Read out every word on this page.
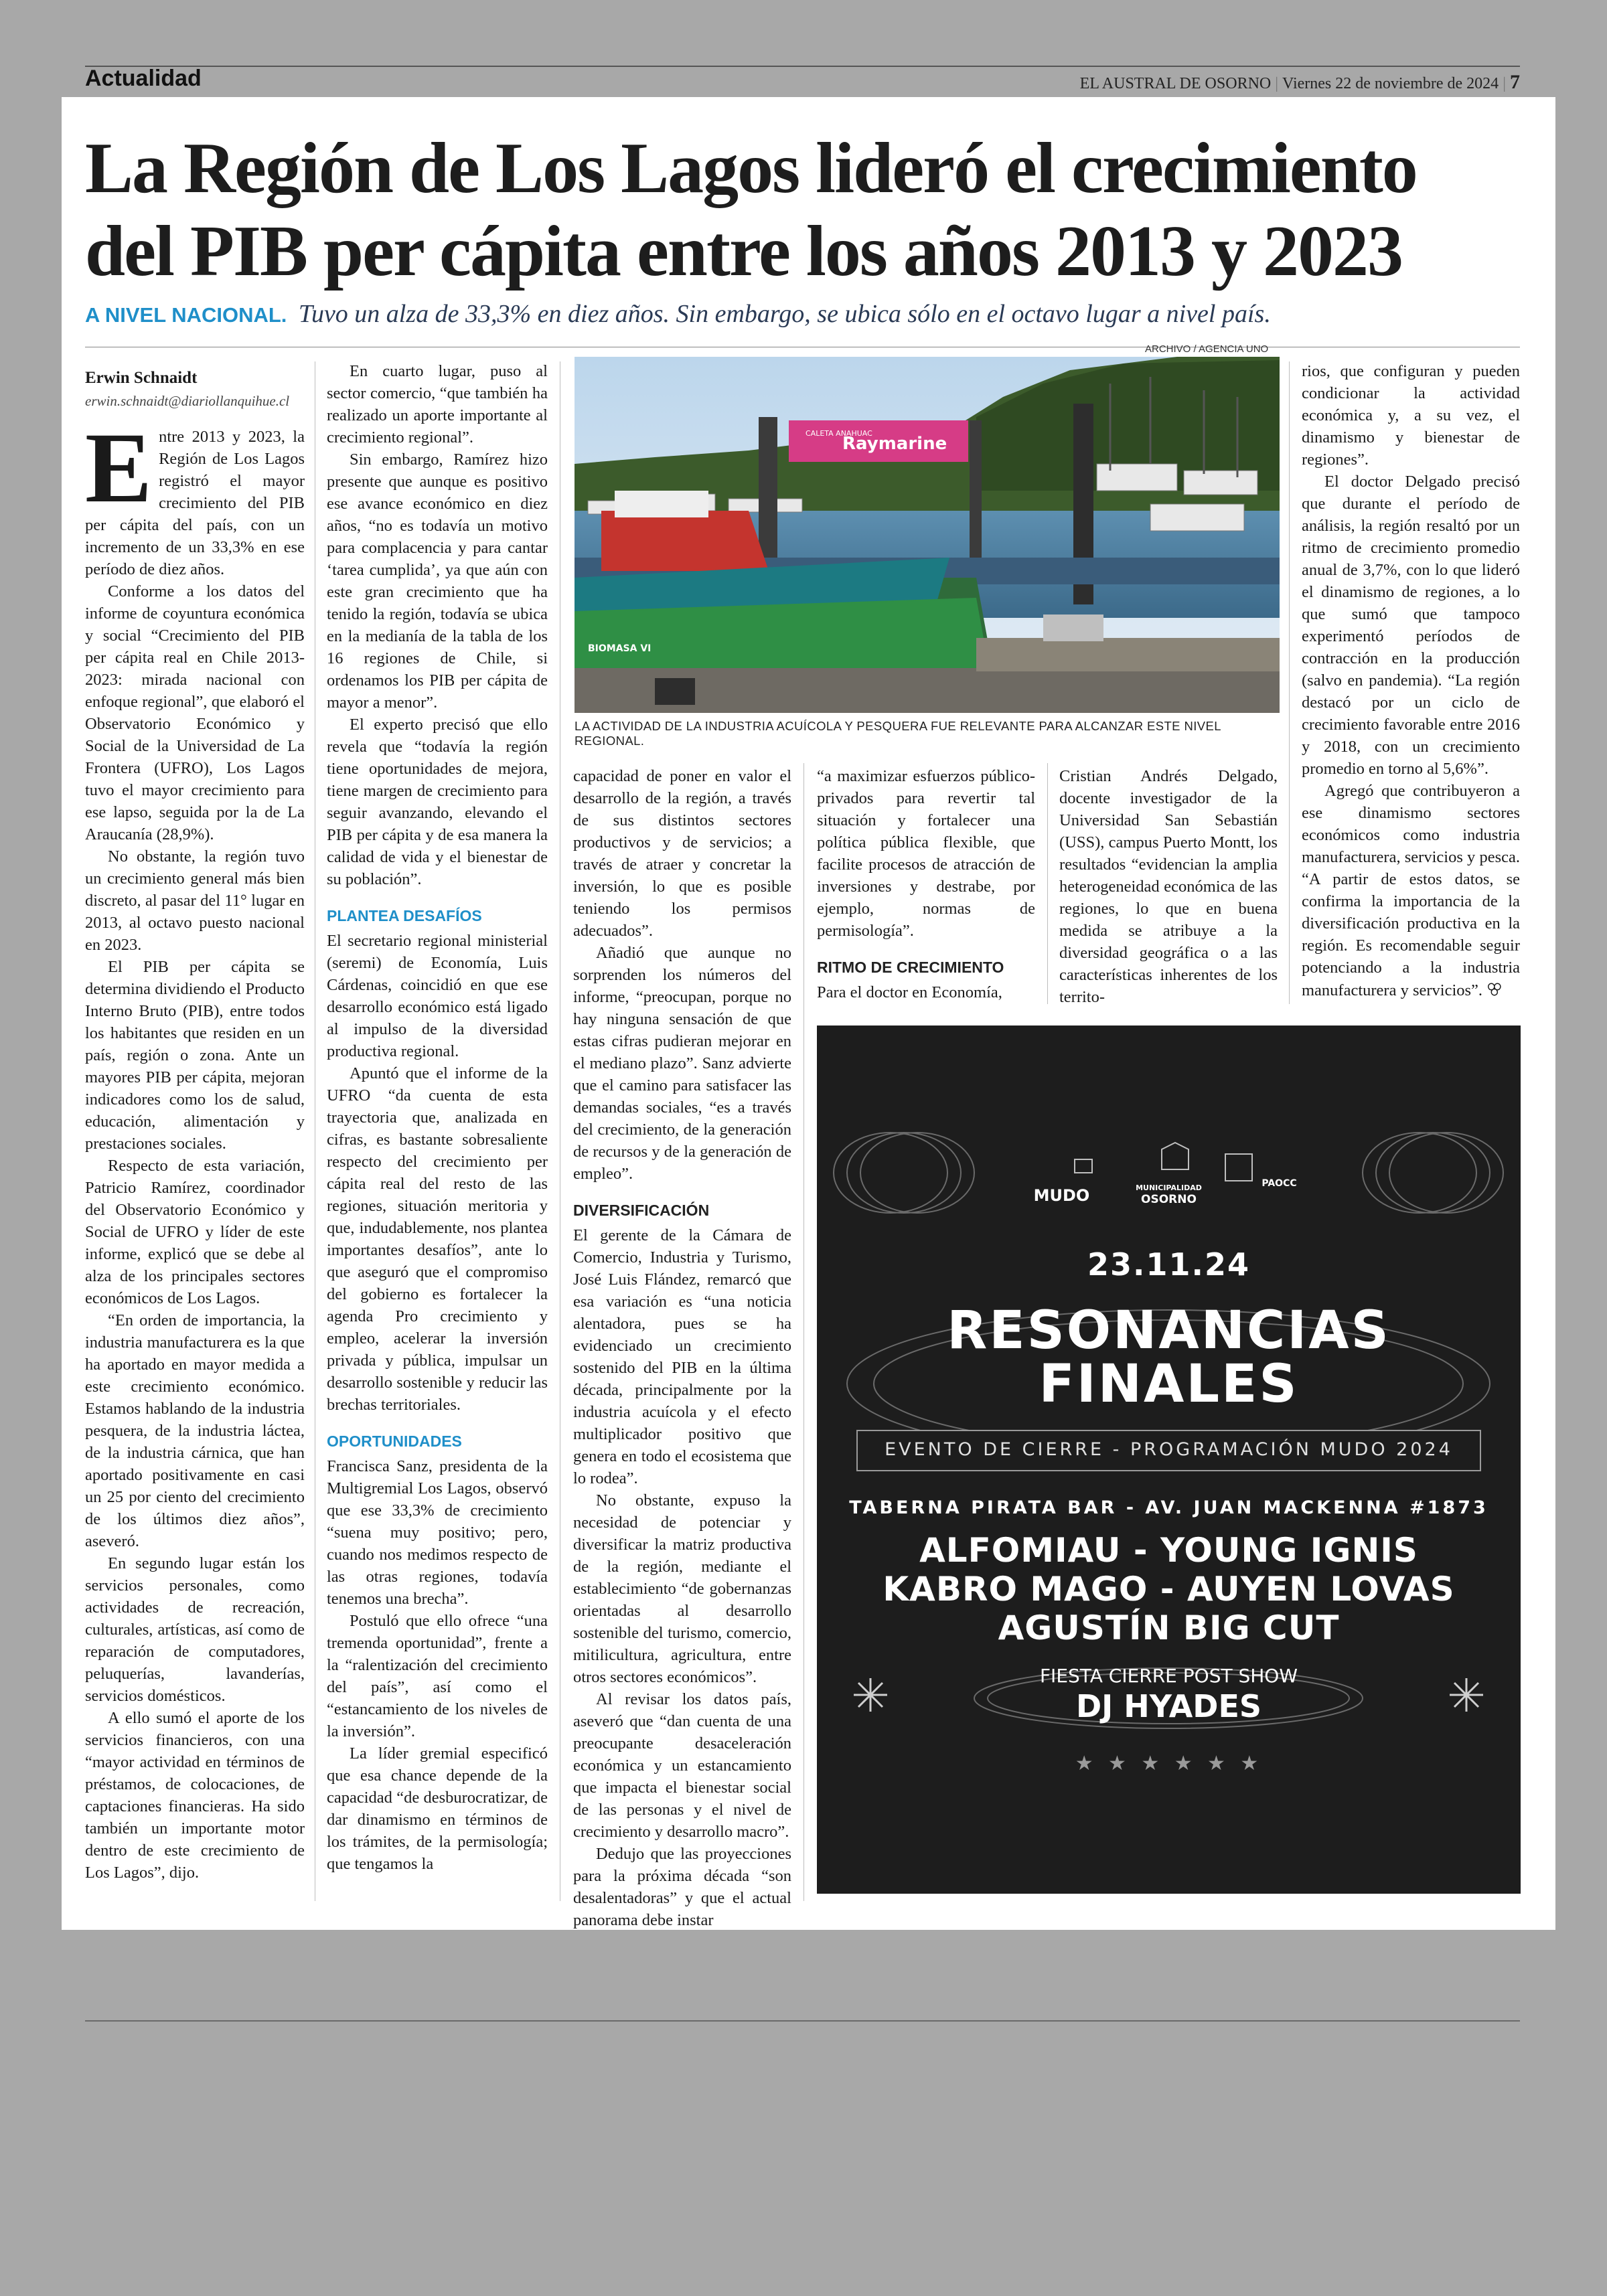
Actualidad	EL AUSTRAL DE OSORNO | Viernes 22 de noviembre de 2024 | 7
La Región de Los Lagos lideró el crecimiento del PIB per cápita entre los años 2013 y 2023
A NIVEL NACIONAL. Tuvo un alza de 33,3% en diez años. Sin embargo, se ubica sólo en el octavo lugar a nivel país.
Erwin Schnaidt
erwin.schnaidt@diariollanquihue.cl

Entre 2013 y 2023, la Región de Los Lagos registró el mayor crecimiento del PIB per cápita del país, con un incremento de un 33,3% en ese período de diez años.

Conforme a los datos del informe de coyuntura económica y social “Crecimiento del PIB per cápita real en Chile 2013-2023: mirada nacional con enfoque regional”, que elaboró el Observatorio Económico y Social de la Universidad de La Frontera (UFRO), Los Lagos tuvo el mayor crecimiento para ese lapso, seguida por la de La Araucanía (28,9%).

No obstante, la región tuvo un crecimiento general más bien discreto, al pasar del 11° lugar en 2013, al octavo puesto nacional en 2023.

El PIB per cápita se determina dividiendo el Producto Interno Bruto (PIB), entre todos los habitantes que residen en un país, región o zona. Ante un mayores PIB per cápita, mejoran indicadores como los de salud, educación, alimentación y prestaciones sociales.

Respecto de esta variación, Patricio Ramírez, coordinador del Observatorio Económico y Social de UFRO y líder de este informe, explicó que se debe al alza de los principales sectores económicos de Los Lagos.

“En orden de importancia, la industria manufacturera es la que ha aportado en mayor medida a este crecimiento económico. Estamos hablando de la industria pesquera, de la industria láctea, de la industria cárnica, que han aportado positivamente en casi un 25 por ciento del crecimiento de los últimos diez años”, aseveró.

En segundo lugar están los servicios personales, como actividades de recreación, culturales, artísticas, así como de reparación de computadores, peluquerías, lavanderías, servicios domésticos.

A ello sumó el aporte de los servicios financieros, con una “mayor actividad en términos de préstamos, de colocaciones, de captaciones financieras. Ha sido también un importante motor dentro de este crecimiento de Los Lagos”, dijo.

En cuarto lugar, puso al sector comercio, “que también ha realizado un aporte importante al crecimiento regional”.

Sin embargo, Ramírez hizo presente que aunque es positivo ese avance económico en diez años, “no es todavía un motivo para complacencia y para cantar ‘tarea cumplida’, ya que aún con este gran crecimiento que ha tenido la región, todavía se ubica en la medianía de la tabla de los 16 regiones de Chile, si ordenamos los PIB per cápita de mayor a menor”.

El experto precisó que ello revela que “todavía la región tiene oportunidades de mejora, tiene margen de crecimiento para seguir avanzando, elevando el PIB per cápita y de esa manera la calidad de vida y el bienestar de su población”.

PLANTEA DESAFÍOS

El secretario regional ministerial (seremi) de Economía, Luis Cárdenas, coincidió en que ese desarrollo económico está ligado al impulso de la diversidad productiva regional.

Apuntó que el informe de la UFRO “da cuenta de esta trayectoria que, analizada en cifras, es bastante sobresaliente respecto del crecimiento per cápita real del resto de las regiones, situación meritoria y que, indudablemente, nos plantea importantes desafíos”, ante lo que aseguró que el compromiso del gobierno es fortalecer la agenda Pro crecimiento y empleo, acelerar la inversión privada y pública, impulsar un desarrollo sostenible y reducir las brechas territoriales.

OPORTUNIDADES

Francisca Sanz, presidenta de la Multigremial Los Lagos, observó que ese 33,3% de crecimiento “suena muy positivo; pero, cuando nos medimos respecto de las otras regiones, todavía tenemos una brecha”.

Postuló que ello ofrece “una tremenda oportunidad”, frente a la “ralentización del crecimiento del país”, así como el “estancamiento de los niveles de la inversión”.

La líder gremial especificó que esa chance depende de la capacidad “de desburocratizar, de dar dinamismo en términos de los trámites, de la permisología; que tengamos la

ARCHIVO / AGENCIA UNO
CALETA ANAHUAC
Raymarine
BIOMASA VI
LA ACTIVIDAD DE LA INDUSTRIA ACUÍCOLA Y PESQUERA FUE RELEVANTE PARA ALCANZAR ESTE NIVEL REGIONAL.

capacidad de poner en valor el desarrollo de la región, a través de sus distintos sectores productivos y de servicios; a través de atraer y concretar la inversión, lo que es posible teniendo los permisos adecuados”.

Añadió que aunque no sorprenden los números del informe, “preocupan, porque no hay ninguna sensación de que estas cifras pudieran mejorar en el mediano plazo”. Sanz advierte que el camino para satisfacer las demandas sociales, “es a través del crecimiento, de la generación de recursos y de la generación de empleo”.

DIVERSIFICACIÓN

El gerente de la Cámara de Comercio, Industria y Turismo, José Luis Flández, remarcó que esa variación es “una noticia alentadora, pues se ha evidenciado un crecimiento sostenido del PIB en la última década, principalmente por la industria acuícola y el efecto multiplicador positivo que genera en todo el ecosistema que lo rodea”.

No obstante, expuso la necesidad de potenciar y diversificar la matriz productiva de la región, mediante el establecimiento “de gobernanzas orientadas al desarrollo sostenible del turismo, comercio, mitilicultura, agricultura, entre otros sectores económicos”.

Al revisar los datos país, aseveró que “dan cuenta de una preocupante desaceleración económica y un estancamiento que impacta el bienestar social de las personas y el nivel de crecimiento y desarrollo macro”.

Dedujo que las proyecciones para la próxima década “son desalentadoras” y que el actual panorama debe instar

“a maximizar esfuerzos público-privados para revertir tal situación y fortalecer una política pública flexible, que facilite procesos de atracción de inversiones y destrabe, por ejemplo, normas de permisología”.

RITMO DE CRECIMIENTO

Para el doctor en Economía,

Cristian Andrés Delgado, docente investigador de la Universidad San Sebastián (USS), campus Puerto Montt, los resultados “evidencian la amplia heterogeneidad económica de las regiones, lo que en buena medida se atribuye a la diversidad geográfica o a las características inherentes de los territo-

rios, que configuran y pueden condicionar la actividad económica y, a su vez, el dinamismo y bienestar de regiones”.

El doctor Delgado precisó que durante el período de análisis, la región resaltó por un ritmo de crecimiento promedio anual de 3,7%, con lo que lideró el dinamismo de regiones, a lo que sumó que tampoco experimentó períodos de contracción en la producción (salvo en pandemia). “La región destacó por un ciclo de crecimiento favorable entre 2016 y 2018, con un crecimiento promedio en torno al 5,6%”.

Agregó que contribuyeron a ese dinamismo sectores económicos como industria manufacturera, servicios y pesca. “A partir de estos datos, se confirma la importancia de la diversificación productiva en la región. Es recomendable seguir potenciando a la industria manufacturera y servicios”. ꕢ

MUDO	MUNICIPALIDAD
OSORNO
PAOCC
23.11.24
RESONANCIAS
FINALES
EVENTO DE CIERRE - PROGRAMACIÓN MUDO 2024
TABERNA PIRATA BAR - AV. JUAN MACKENNA #1873
ALFOMIAU - YOUNG IGNIS
KABRO MAGO - AUYEN LOVAS
AGUSTÍN BIG CUT
FIESTA CIERRE POST SHOW
DJ HYADES
★ ★ ★ ★ ★ ★
